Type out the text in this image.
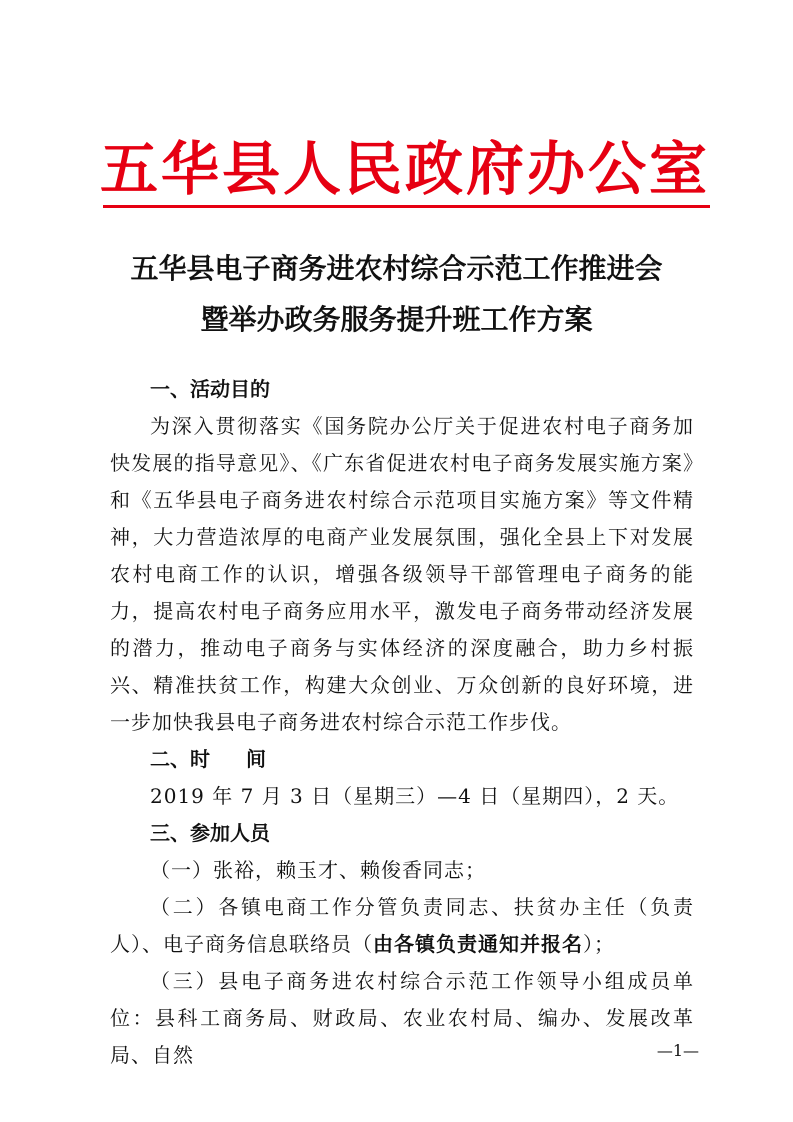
五华县人民政府办公室
五华县电子商务进农村综合示范工作推进会
暨举办政务服务提升班工作方案
一、活动目的
为深入贯彻落实《国务院办公厅关于促进农村电子商务加快发展的指导意见》、《广东省促进农村电子商务发展实施方案》和《五华县电子商务进农村综合示范项目实施方案》等文件精神，大力营造浓厚的电商产业发展氛围，强化全县上下对发展农村电商工作的认识，增强各级领导干部管理电子商务的能力，提高农村电子商务应用水平，激发电子商务带动经济发展的潜力，推动电子商务与实体经济的深度融合，助力乡村振兴、精准扶贫工作，构建大众创业、万众创新的良好环境，进一步加快我县电子商务进农村综合示范工作步伐。
二、时 间
2019 年 7 月 3 日（星期三）—4 日（星期四），2 天。
三、参加人员
（一）张裕，赖玉才、赖俊香同志；
（二）各镇电商工作分管负责同志、扶贫办主任（负责人）、电子商务信息联络员（由各镇负责通知并报名）；
（三）县电子商务进农村综合示范工作领导小组成员单位：县科工商务局、财政局、农业农村局、编办、发展改革局、自然	—1—
